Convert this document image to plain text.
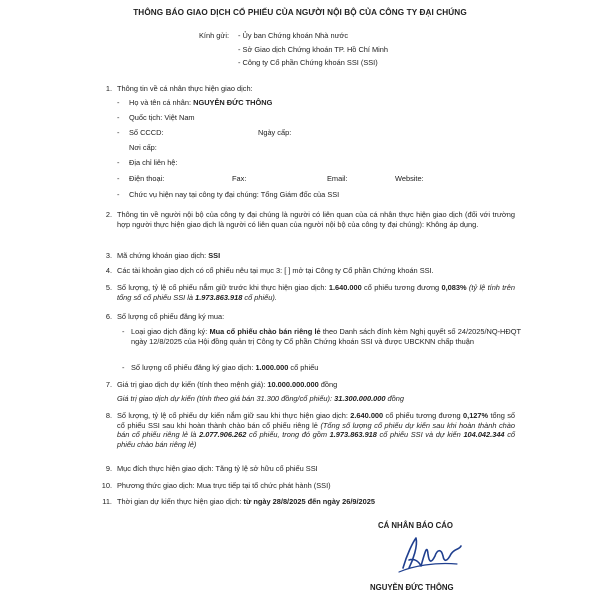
THÔNG BÁO GIAO DỊCH CỔ PHIẾU CỦA NGƯỜI NỘI BỘ CỦA CÔNG TY ĐẠI CHÚNG
Kính gửi: - Ủy ban Chứng khoán Nhà nước
- Sở Giao dịch Chứng khoán TP. Hồ Chí Minh
- Công ty Cổ phần Chứng khoán SSI (SSI)
1. Thông tin về cá nhân thực hiện giao dịch:
- Họ và tên cá nhân: NGUYỄN ĐỨC THÔNG
- Quốc tịch: Việt Nam
- Số CCCD:	Ngày cấp:
Nơi cấp:
- Địa chỉ liên hệ:
- Điện thoại:	Fax:	Email:	Website:
- Chức vụ hiện nay tại công ty đại chúng: Tổng Giám đốc của SSI
2. Thông tin về người nội bộ của công ty đại chúng là người có liên quan của cá nhân thực hiện giao dịch (đối với trường hợp người thực hiện giao dịch là người có liên quan của người nội bộ của công ty đại chúng): Không áp dụng.
3. Mã chứng khoán giao dịch: SSI
4. Các tài khoản giao dịch có cổ phiếu nêu tại mục 3: [ ] mở tại Công ty Cổ phần Chứng khoán SSI.
5. Số lượng, tỷ lệ cổ phiếu nắm giữ trước khi thực hiện giao dịch: 1.640.000 cổ phiếu tương đương 0,083% (tỷ lệ tính trên tổng số cổ phiếu SSI là 1.973.863.918 cổ phiếu).
6. Số lượng cổ phiếu đăng ký mua:
- Loại giao dịch đăng ký: Mua cổ phiếu chào bán riêng lẻ theo Danh sách đính kèm Nghị quyết số 24/2025/NQ-HĐQT ngày 12/8/2025 của Hội đồng quản trị Công ty Cổ phần Chứng khoán SSI và được UBCKNN chấp thuận
- Số lượng cổ phiếu đăng ký giao dịch: 1.000.000 cổ phiếu
7. Giá trị giao dịch dự kiến (tính theo mệnh giá): 10.000.000.000 đồng
Giá trị giao dịch dự kiến (tính theo giá bán 31.300 đồng/cổ phiếu): 31.300.000.000 đồng
8. Số lượng, tỷ lệ cổ phiếu dự kiến nắm giữ sau khi thực hiện giao dịch: 2.640.000 cổ phiếu tương đương 0,127% tổng số cổ phiếu SSI sau khi hoàn thành chào bán cổ phiếu riêng lẻ (Tổng số lượng cổ phiếu dự kiến sau khi hoàn thành chào bán cổ phiếu riêng lẻ là 2.077.906.262 cổ phiếu, trong đó gồm 1.973.863.918 cổ phiếu SSI và dự kiến 104.042.344 cổ phiếu chào bán riêng lẻ)
9. Mục đích thực hiện giao dịch: Tăng tỷ lệ sở hữu cổ phiếu SSI
10. Phương thức giao dịch: Mua trực tiếp tại tổ chức phát hành (SSI)
11. Thời gian dự kiến thực hiện giao dịch: từ ngày 28/8/2025 đến ngày 26/9/2025
CÁ NHÂN BÁO CÁO
NGUYỄN ĐỨC THÔNG
